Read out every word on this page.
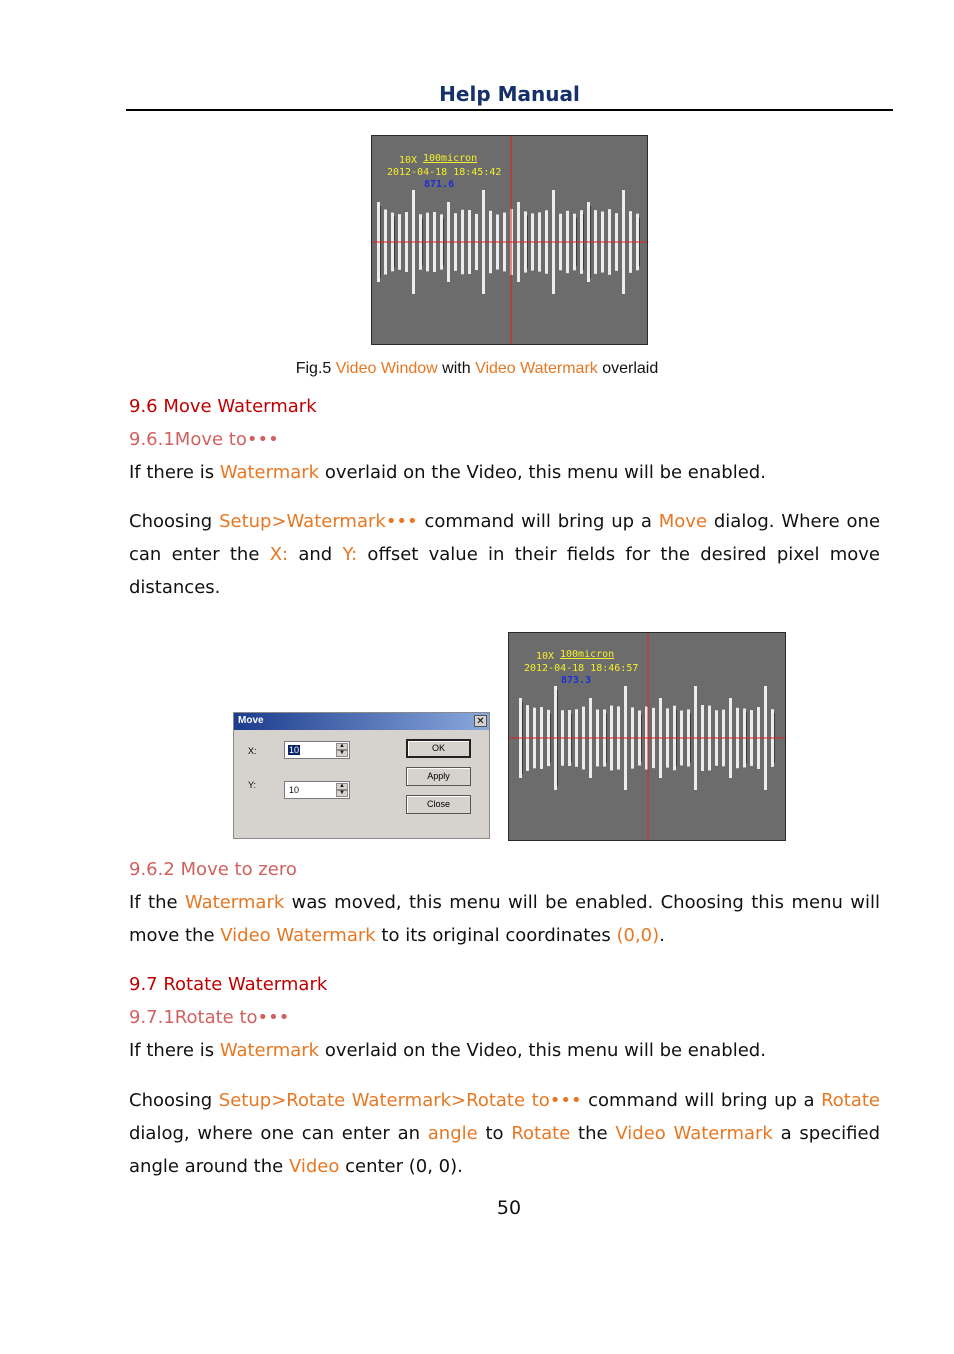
Help Manual
10X 100micron
2012-04-18 18:45:42
871.6
Fig.5 Video Window with Video Watermark overlaid
9.6 Move Watermark
9.6.1Move to•••
If there is Watermark overlaid on the Video, this menu will be enabled.
Choosing Setup>Watermark••• command will bring up a Move dialog. Where one can enter the X: and Y: offset value in their fields for the desired pixel move distances.
Move	✕
X:	10	▲
▼
Y:	10	▲
▼
OK
Apply
Close
10X 100micron
2012-04-18 18:46:57
873.3
9.6.2 Move to zero
If the Watermark was moved, this menu will be enabled. Choosing this menu will move the Video Watermark to its original coordinates (0,0).
9.7 Rotate Watermark
9.7.1Rotate to•••
If there is Watermark overlaid on the Video, this menu will be enabled.
Choosing Setup>Rotate Watermark>Rotate to••• command will bring up a Rotate dialog, where one can enter an angle to Rotate the Video Watermark a specified angle around the Video center (0, 0).
50
